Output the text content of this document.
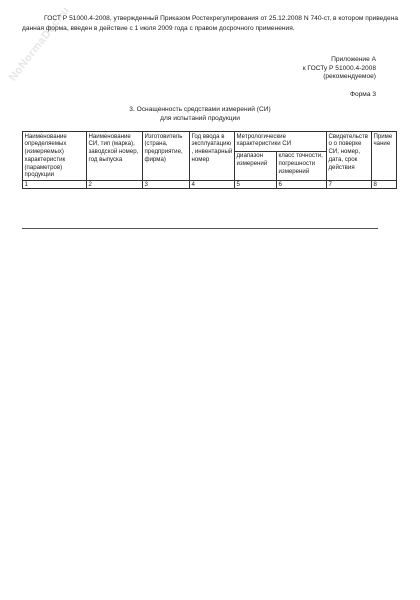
NoNormaDoc.ru
ГОСТ Р 51000.4-2008, утвержденный Приказом Ростехрегулирования от 25.12.2008 N 740-ст, в котором приведена данная форма, введен в действие с 1 июля 2009 года с правом досрочного применения.
Приложение А
к ГОСТу Р 51000.4-2008
(рекомендуемое)
Форма 3
3. Оснащенность средствами измерений (СИ)
для испытаний продукции
Наименование определяемых (измеряемых) характеристик (параметров) продукции	Наименование СИ, тип (марка), заводской номер, год выпуска	Изготовитель (страна, предприятие, фирма)	Год ввода в эксплуатацию, инвентарный номер	Метрологические характеристики СИ		Свидетельство о поверке СИ, номер, дата, срок действия	Примечание
				диапазон измерений	класс точности, погрешности измерений		
1	2	3	4	5	6	7	8
